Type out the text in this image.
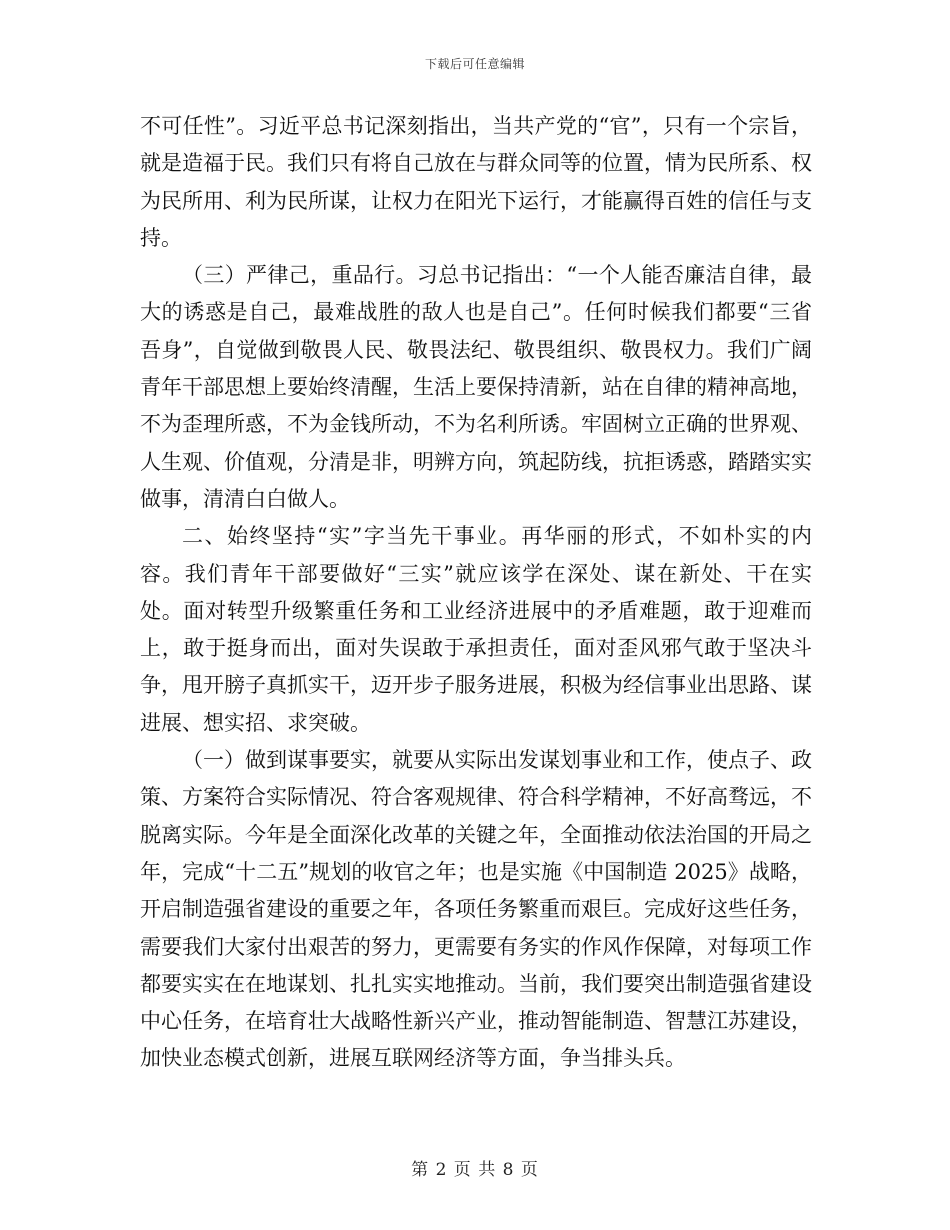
下载后可任意编辑

不可任性”。习近平总书记深刻指出，当共产党的“官”，只有一个宗旨，就是造福于民。我们只有将自己放在与群众同等的位置，情为民所系、权为民所用、利为民所谋，让权力在阳光下运行，才能赢得百姓的信任与支持。

（三）严律己，重品行。习总书记指出：“一个人能否廉洁自律，最大的诱惑是自己，最难战胜的敌人也是自己”。任何时候我们都要“三省吾身”，自觉做到敬畏人民、敬畏法纪、敬畏组织、敬畏权力。我们广阔青年干部思想上要始终清醒，生活上要保持清新，站在自律的精神高地，不为歪理所惑，不为金钱所动，不为名利所诱。牢固树立正确的世界观、人生观、价值观，分清是非，明辨方向，筑起防线，抗拒诱惑，踏踏实实做事，清清白白做人。

二、始终坚持“实”字当先干事业。再华丽的形式，不如朴实的内容。我们青年干部要做好“三实”就应该学在深处、谋在新处、干在实处。面对转型升级繁重任务和工业经济进展中的矛盾难题，敢于迎难而上，敢于挺身而出，面对失误敢于承担责任，面对歪风邪气敢于坚决斗争，甩开膀子真抓实干，迈开步子服务进展，积极为经信事业出思路、谋进展、想实招、求突破。

（一）做到谋事要实，就要从实际出发谋划事业和工作，使点子、政策、方案符合实际情况、符合客观规律、符合科学精神，不好高骛远，不脱离实际。今年是全面深化改革的关键之年，全面推动依法治国的开局之年，完成“十二五”规划的收官之年；也是实施《中国制造 2025》战略，开启制造强省建设的重要之年，各项任务繁重而艰巨。完成好这些任务，需要我们大家付出艰苦的努力，更需要有务实的作风作保障，对每项工作都要实实在在地谋划、扎扎实实地推动。当前，我们要突出制造强省建设中心任务，在培育壮大战略性新兴产业，推动智能制造、智慧江苏建设，加快业态模式创新，进展互联网经济等方面，争当排头兵。

第 2 页 共 8 页
